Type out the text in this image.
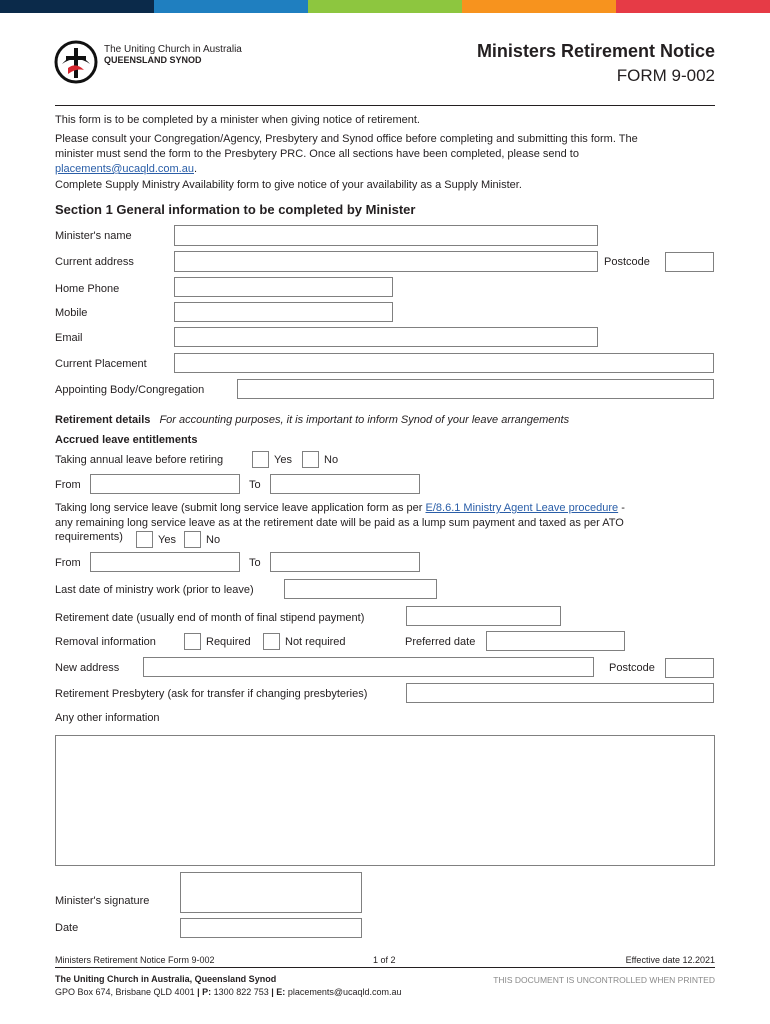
The Uniting Church in Australia
QUEENSLAND SYNOD	Ministers Retirement Notice
FORM 9-002
This form is to be completed by a minister when giving notice of retirement.
Please consult your Congregation/Agency, Presbytery and Synod office before completing and submitting this form. The
minister must send the form to the Presbytery PRC. Once all sections have been completed, please send to
placements@ucaqld.com.au.
Complete Supply Ministry Availability form to give notice of your availability as a Supply Minister.
Section 1 General information to be completed by Minister
Minister's name
Current address	Postcode
Home Phone
Mobile
Email
Current Placement
Appointing Body/Congregation
Retirement details For accounting purposes, it is important to inform Synod of your leave arrangements
Accrued leave entitlements
Taking annual leave before retiring	Yes	No
From	To
Taking long service leave (submit long service leave application form as per E/8.6.1 Ministry Agent Leave procedure -
any remaining long service leave as at the retirement date will be paid as a lump sum payment and taxed as per ATO
requirements)	Yes	No
From	To
Last date of ministry work (prior to leave)
Retirement date (usually end of month of final stipend payment)
Removal information	Required	Not required	Preferred date
New address	Postcode
Retirement Presbytery (ask for transfer if changing presbyteries)
Any other information
Minister's signature
Date
Ministers Retirement Notice Form 9-002	1 of 2	Effective date 12.2021
The Uniting Church in Australia, Queensland Synod
GPO Box 674, Brisbane QLD 4001 | P: 1300 822 753 | E: placements@ucaqld.com.au
THIS DOCUMENT IS UNCONTROLLED WHEN PRINTED
